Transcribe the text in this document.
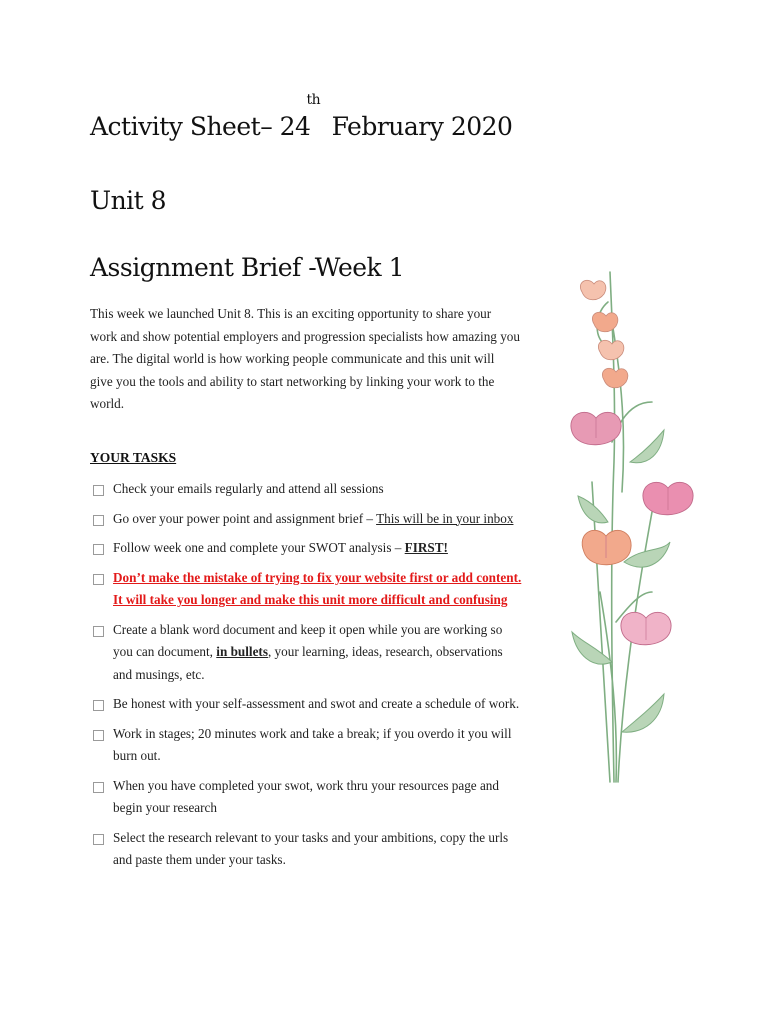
Activity Sheet– 24th February 2020
Unit 8
Assignment Brief -Week 1
This week we launched Unit 8. This is an exciting opportunity to share your work and show potential employers and progression specialists how amazing you are. The digital world is how working people communicate and this unit will give you the tools and ability to start networking by linking your work to the world.
YOUR TASKS
Check your emails regularly and attend all sessions
Go over your power point and assignment brief – This will be in your inbox
Follow week one and complete your SWOT analysis – FIRST!
Don’t make the mistake of trying to fix your website first or add content. It will take you longer and make this unit more difficult and confusing
Create a blank word document and keep it open while you are working so you can document, in bullets, your learning, ideas, research, observations and musings, etc.
Be honest with your self-assessment and swot and create a schedule of work.
Work in stages; 20 minutes work and take a break; if you overdo it you will burn out.
When you have completed your swot, work thru your resources page and begin your research
Select the research relevant to your tasks and your ambitions, copy the urls and paste them under your tasks.
